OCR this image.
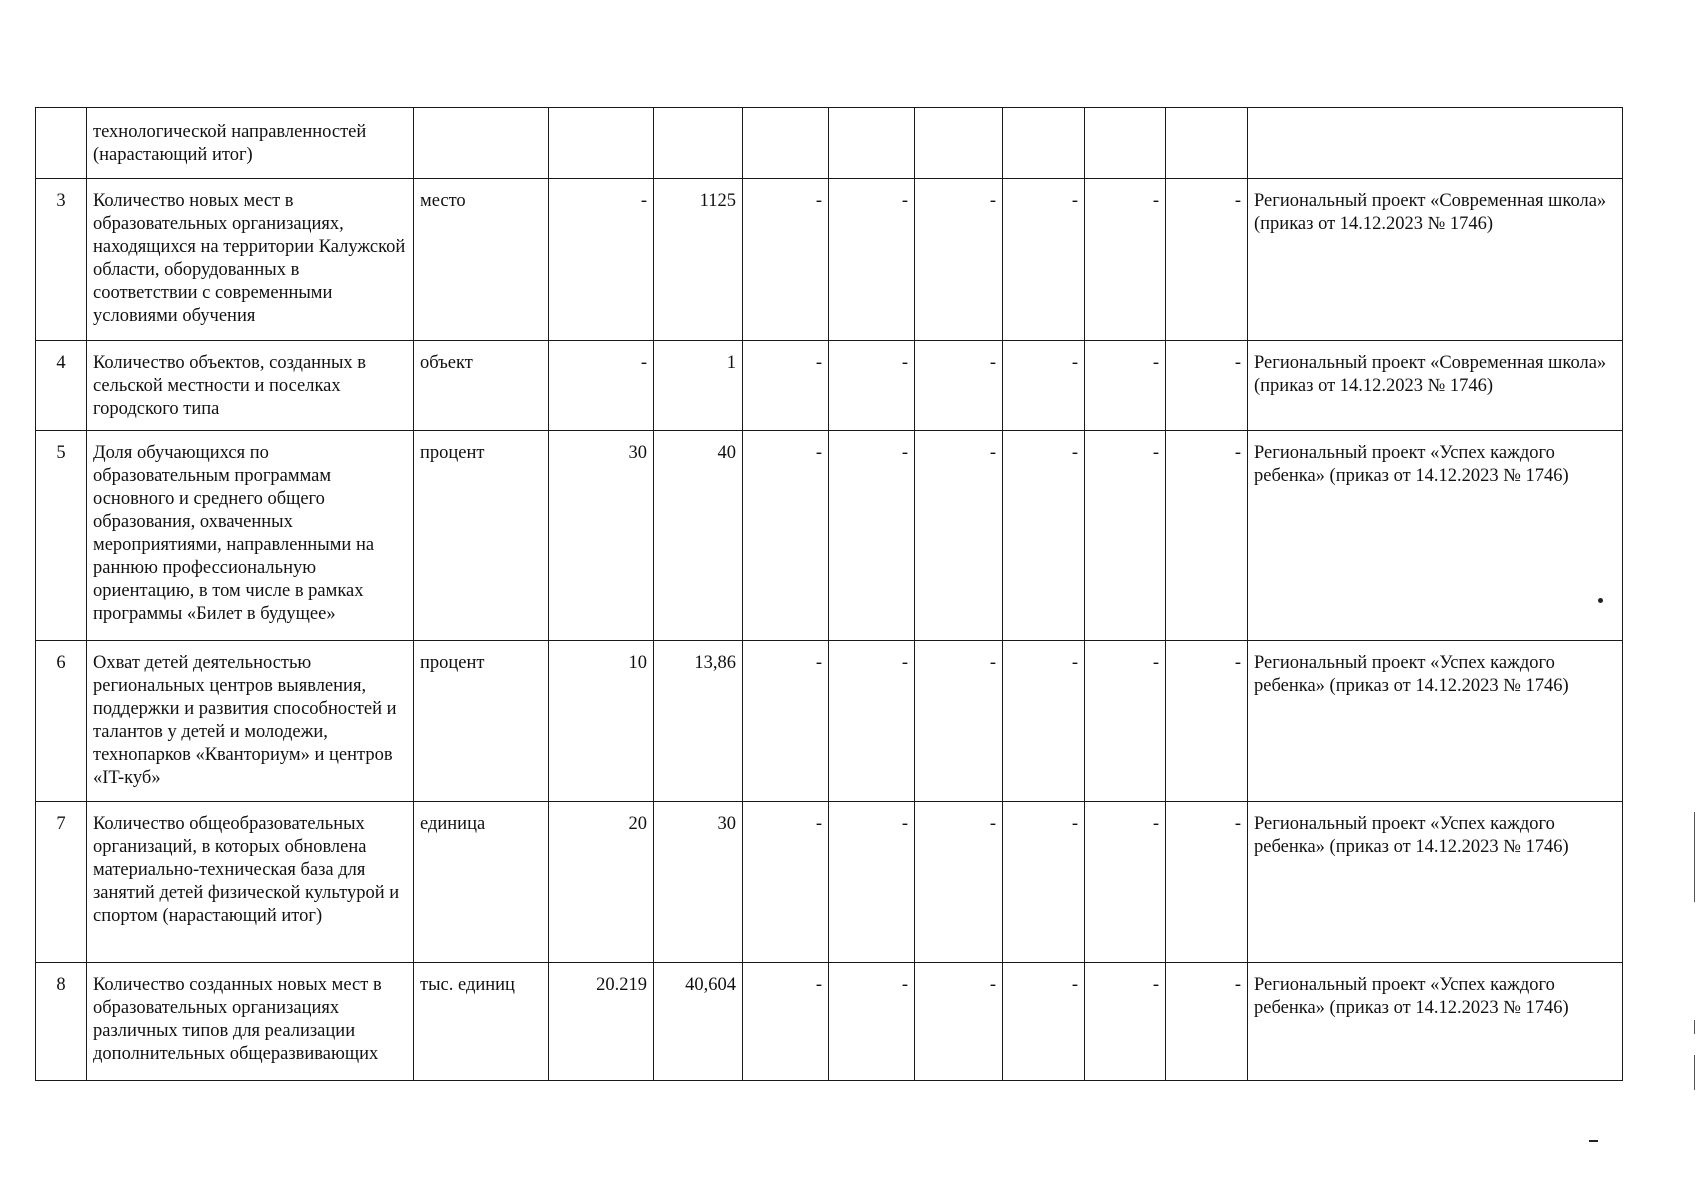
	технологической направленностей (нарастающий итог)										
3	Количество новых мест в образовательных организациях, находящихся на территории Калужской области, оборудованных в соответствии с современными условиями обучения	место	-	1125	-	-	-	-	-	-	Региональный проект «Современная школа» (приказ от 14.12.2023 № 1746)
4	Количество объектов, созданных в сельской местности и поселках городского типа	объект	-	1	-	-	-	-	-	-	Региональный проект «Современная школа» (приказ от 14.12.2023 № 1746)
5	Доля обучающихся по образовательным программам основного и среднего общего образования, охваченных мероприятиями, направленными на раннюю профессиональную ориентацию, в том числе в рамках программы «Билет в будущее»	процент	30	40	-	-	-	-	-	-	Региональный проект «Успех каждого ребенка» (приказ от 14.12.2023 № 1746)
6	Охват детей деятельностью региональных центров выявления, поддержки и развития способностей и талантов у детей и молодежи, технопарков «Кванториум» и центров «IT-куб»	процент	10	13,86	-	-	-	-	-	-	Региональный проект «Успех каждого ребенка» (приказ от 14.12.2023 № 1746)
7	Количество общеобразовательных организаций, в которых обновлена материально-техническая база для занятий детей физической культурой и спортом (нарастающий итог)	единица	20	30	-	-	-	-	-	-	Региональный проект «Успех каждого ребенка» (приказ от 14.12.2023 № 1746)
8	Количество созданных новых мест в образовательных организациях различных типов для реализации дополнительных общеразвивающих	тыс. единиц	20.219	40,604	-	-	-	-	-	-	Региональный проект «Успех каждого ребенка» (приказ от 14.12.2023 № 1746)
